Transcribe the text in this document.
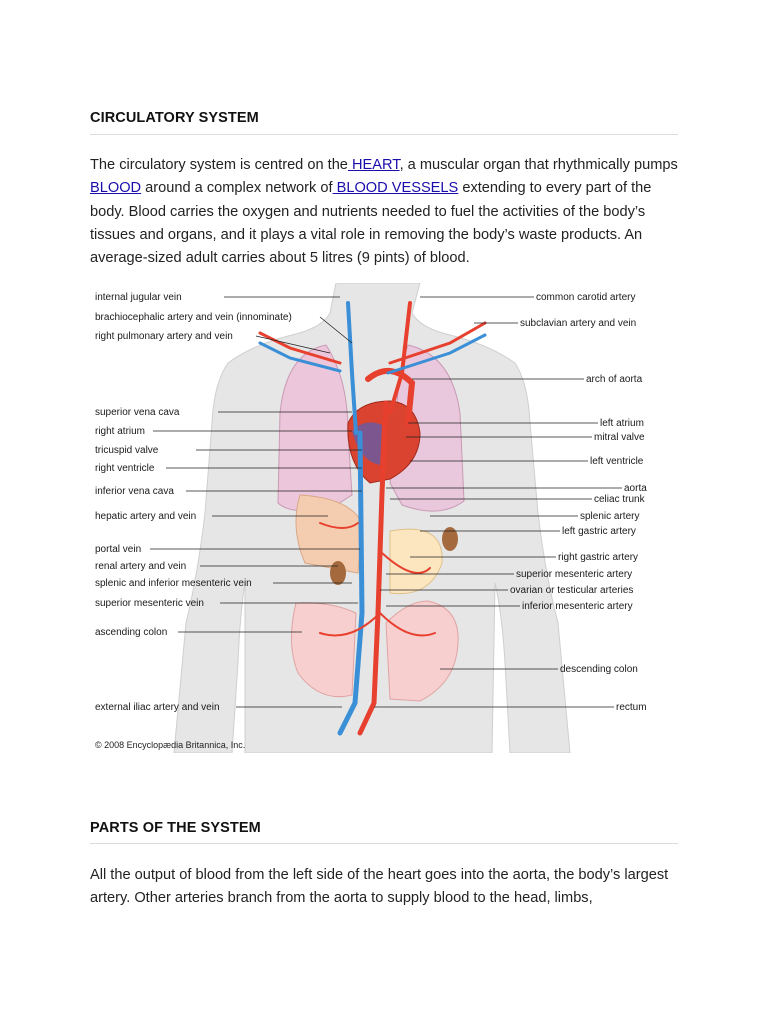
CIRCULATORY SYSTEM
The circulatory system is centred on the HEART, a muscular organ that rhythmically pumps BLOOD around a complex network of BLOOD VESSELS extending to every part of the body. Blood carries the oxygen and nutrients needed to fuel the activities of the body’s tissues and organs, and it plays a vital role in removing the body’s waste products. An average-sized adult carries about 5 litres (9 pints) of blood.
internal jugular vein
brachiocephalic artery and vein (innominate)
right pulmonary artery and vein
superior vena cava
right atrium
tricuspid valve
right ventricle
inferior vena cava
hepatic artery and vein
portal vein
renal artery and vein
splenic and inferior mesenteric vein
superior mesenteric vein
ascending colon
external iliac artery and vein
common carotid artery
subclavian artery and vein
arch of aorta
left atrium
mitral valve
left ventricle
aorta
celiac trunk
splenic artery
left gastric artery
right gastric artery
superior mesenteric artery
ovarian or testicular arteries
inferior mesenteric artery
descending colon
rectum
© 2008 Encyclopædia Britannica, Inc.
PARTS OF THE SYSTEM
All the output of blood from the left side of the heart goes into the aorta, the body’s largest artery. Other arteries branch from the aorta to supply blood to the head, limbs,
